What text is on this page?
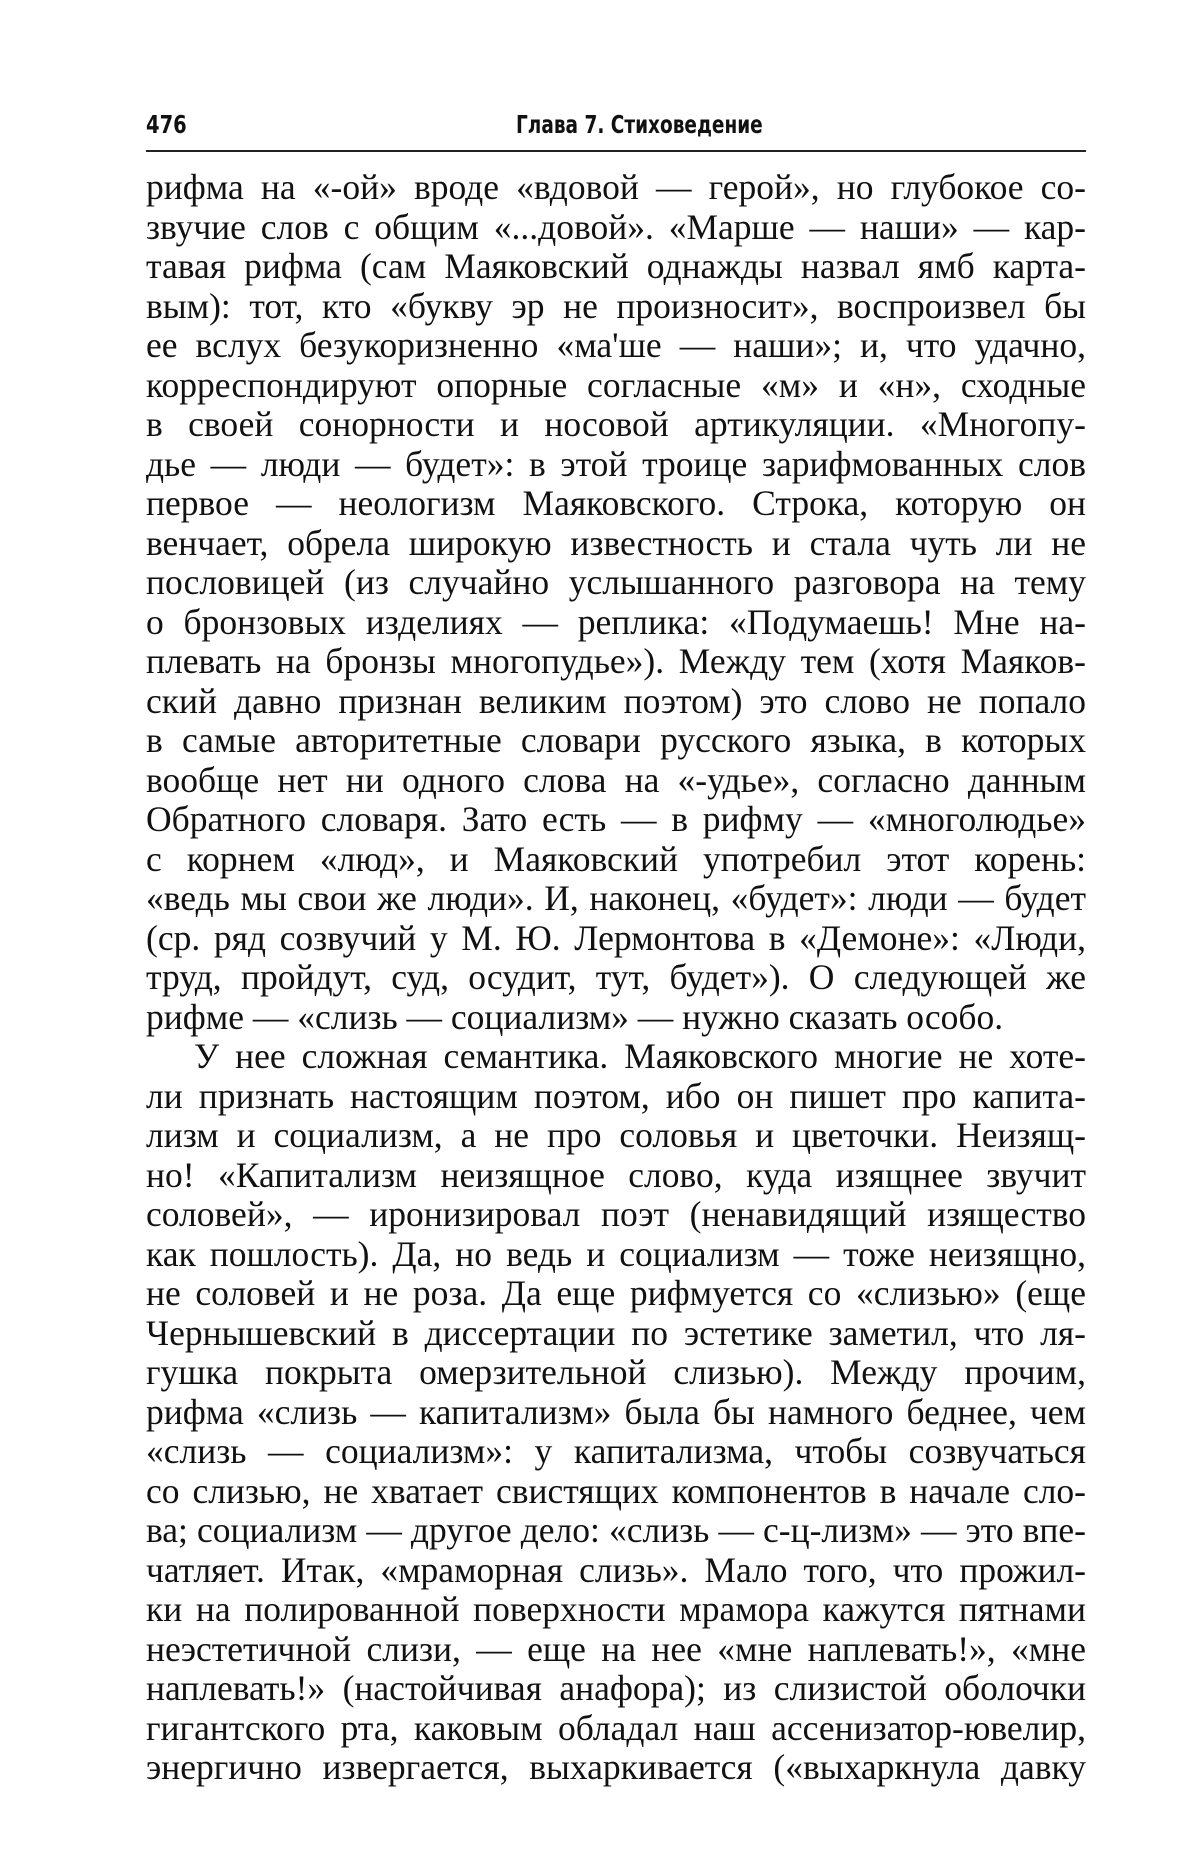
476	Глава 7. Стиховедение
рифма на «-ой» вроде «вдовой — герой», но глубокое со-
звучие слов с общим «...довой». «Марше — наши» — кар-
тавая рифма (сам Маяковский однажды назвал ямб карта-
вым): тот, кто «букву эр не произносит», воспроизвел бы
ее вслух безукоризненно «ма'ше — наши»; и, что удачно,
корреспондируют опорные согласные «м» и «н», сходные
в своей сонорности и носовой артикуляции. «Многопу-
дье — люди — будет»: в этой троице зарифмованных слов
первое — неологизм Маяковского. Строка, которую он
венчает, обрела широкую известность и стала чуть ли не
пословицей (из случайно услышанного разговора на тему
о бронзовых изделиях — реплика: «Подумаешь! Мне на-
плевать на бронзы многопудье»). Между тем (хотя Маяков-
ский давно признан великим поэтом) это слово не попало
в самые авторитетные словари русского языка, в которых
вообще нет ни одного слова на «-удье», согласно данным
Обратного словаря. Зато есть — в рифму — «многолюдье»
с корнем «люд», и Маяковский употребил этот корень:
«ведь мы свои же люди». И, наконец, «будет»: люди — будет
(ср. ряд созвучий у М. Ю. Лермонтова в «Демоне»: «Люди,
труд, пройдут, суд, осудит, тут, будет»). О следующей же
рифме — «слизь — социализм» — нужно сказать особо.
У нее сложная семантика. Маяковского многие не хоте-
ли признать настоящим поэтом, ибо он пишет про капита-
лизм и социализм, а не про соловья и цветочки. Неизящ-
но! «Капитализм неизящное слово, куда изящнее звучит
соловей», — иронизировал поэт (ненавидящий изящество
как пошлость). Да, но ведь и социализм — тоже неизящно,
не соловей и не роза. Да еще рифмуется со «слизью» (еще
Чернышевский в диссертации по эстетике заметил, что ля-
гушка покрыта омерзительной слизью). Между прочим,
рифма «слизь — капитализм» была бы намного беднее, чем
«слизь — социализм»: у капитализма, чтобы созвучаться
со слизью, не хватает свистящих компонентов в начале сло-
ва; социализм — другое дело: «слизь — с-ц-лизм» — это впе-
чатляет. Итак, «мраморная слизь». Мало того, что прожил-
ки на полированной поверхности мрамора кажутся пятнами
неэстетичной слизи, — еще на нее «мне наплевать!», «мне
наплевать!» (настойчивая анафора); из слизистой оболочки
гигантского рта, каковым обладал наш ассенизатор-ювелир,
энергично извергается, выхаркивается («выхаркнула давку
